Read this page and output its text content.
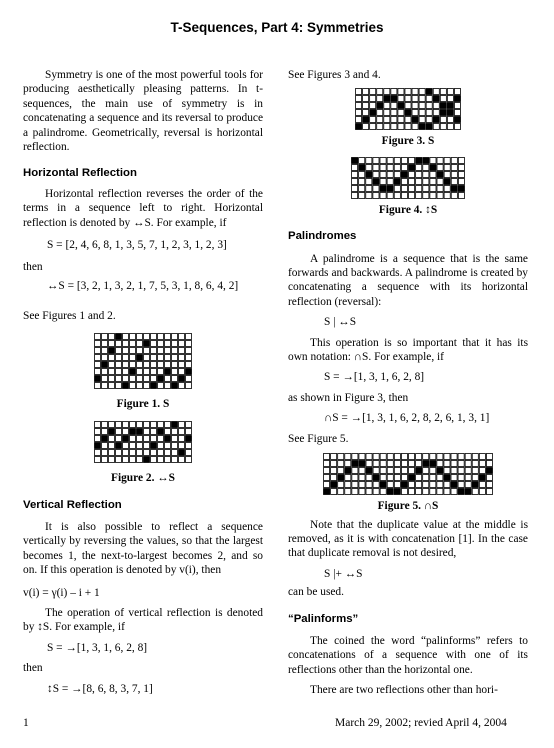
T-Sequences, Part 4: Symmetries

Symmetry is one of the most powerful tools for producing aesthetically pleasing patterns. In t-sequences, the main use of symmetry is in concatenating a sequence and its reversal to produce a palindrome. Geometrically, reversal is horizontal reflection.

Horizontal Reflection

Horizontal reflection reverses the order of the terms in a sequence left to right. Horizontal reflection is denoted by ↔S. For example, if

S = [2, 4, 6, 8, 1, 3, 5, 7, 1, 2, 3, 1, 2, 3]

then

↔S = [3, 2, 1, 3, 2, 1, 7, 5, 3, 1, 8, 6, 4, 2]

See Figures 1 and 2.

Figure 1. S
Figure 2. ↔S
Vertical Reflection

It is also possible to reflect a sequence vertically by reversing the values, so that the largest becomes 1, the next-to-largest becomes 2, and so on. If this operation is denoted by v(i), then

v(i) = γ(i) – i + 1

The operation of vertical reflection is denoted by ↕S. For example, if

S = →[1, 3, 1, 6, 2, 8]

then

↕S = →[8, 6, 8, 3, 7, 1]

See Figures 3 and 4.

Figure 3. S
Figure 4. ↕S
Palindromes

A palindrome is a sequence that is the same forwards and backwards. A palindrome is created by concatenating a sequence with its horizontal reflection (reversal):

S | ↔S

This operation is so important that it has its own notation: ∩S. For example, if

S = →[1, 3, 1, 6, 2, 8]

as shown in Figure 3, then

∩S = →[1, 3, 1, 6, 2, 8, 2, 6, 1, 3, 1]

See Figure 5.

Figure 5. ∩S

Note that the duplicate value at the middle is removed, as it is with concatenation [1]. In the case that duplicate removal is not desired,

S |+ ↔S

can be used.

“Palinforms”

The coined the word “palinforms” refers to concatenations of a sequence with one of its reflections other than the horizontal one.

There are two reflections other than hori-

1	March 29, 2002; revied April 4, 2004
